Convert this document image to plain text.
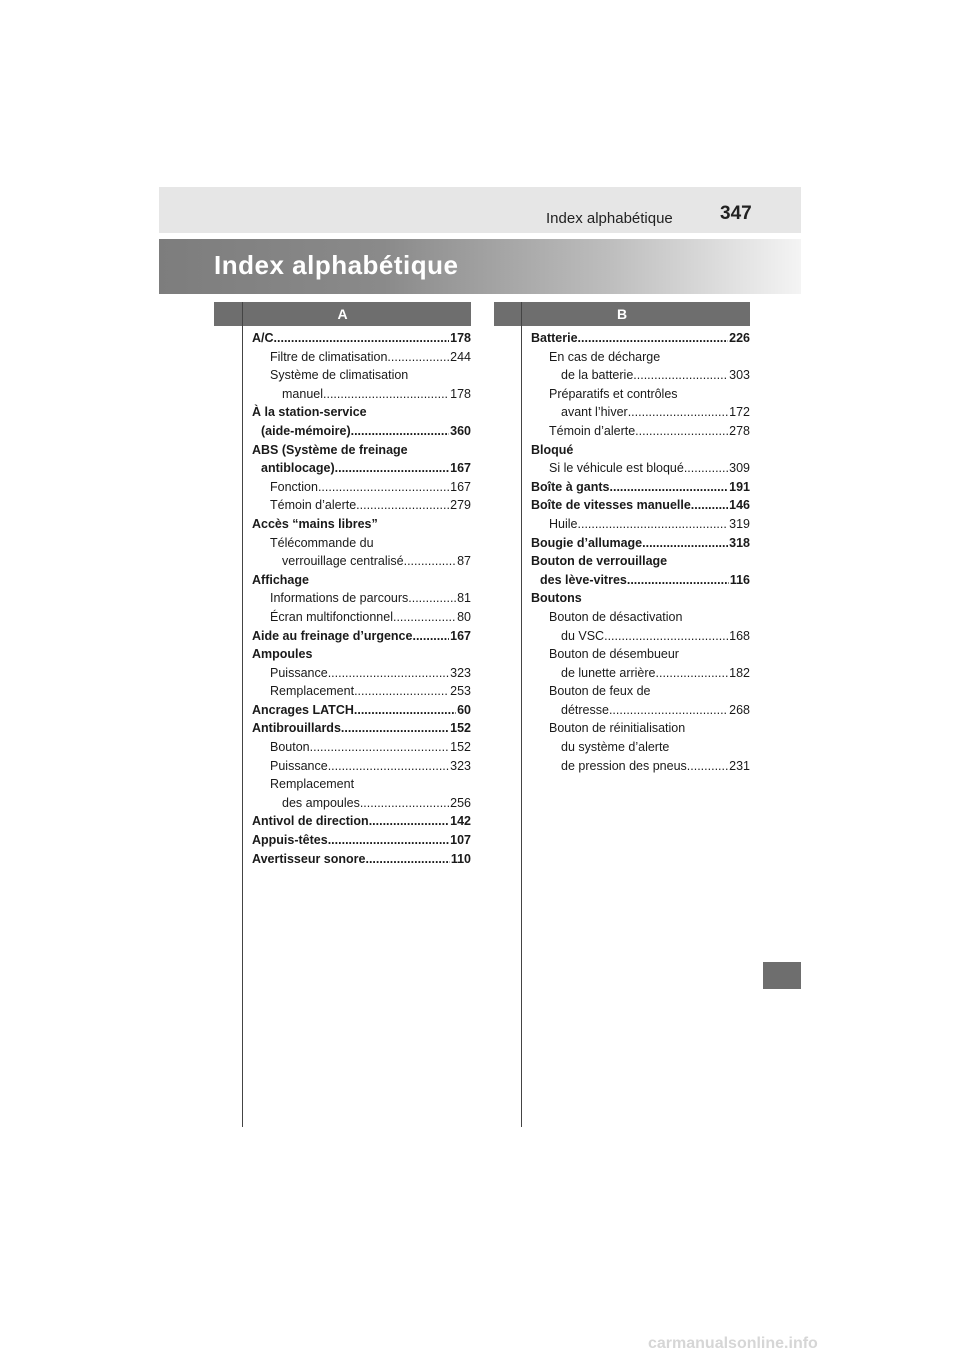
Index alphabétique 347
Index alphabétique
A	B
A/C .....	178
Filtre de climatisation .....	244
Système de climatisation
manuel .....	178
À la station-service
(aide-mémoire) .....	360
ABS (Système de freinage
antiblocage) .....	167
Fonction .....	167
Témoin d’alerte .....	279
Accès “mains libres”
Télécommande du
verrouillage centralisé .....	87
Affichage
Informations de parcours .....	81
Écran multifonctionnel .....	80
Aide au freinage d’urgence .....	167
Ampoules
Puissance .....	323
Remplacement .....	253
Ancrages LATCH .....	60
Antibrouillards .....	152
Bouton .....	152
Puissance .....	323
Remplacement
des ampoules .....	256
Antivol de direction .....	142
Appuis-têtes .....	107
Avertisseur sonore .....	110
Batterie .....	226
En cas de décharge
de la batterie .....	303
Préparatifs et contrôles
avant l’hiver .....	172
Témoin d’alerte .....	278
Bloqué
Si le véhicule est bloqué .....	309
Boîte à gants .....	191
Boîte de vitesses manuelle .....	146
Huile .....	319
Bougie d’allumage .....	318
Bouton de verrouillage
des lève-vitres .....	116
Boutons
Bouton de désactivation
du VSC .....	168
Bouton de désembueur
de lunette arrière .....	182
Bouton de feux de
détresse .....	268
Bouton de réinitialisation
du système d’alerte
de pression des pneus .....	231
carmanualsonline.info
